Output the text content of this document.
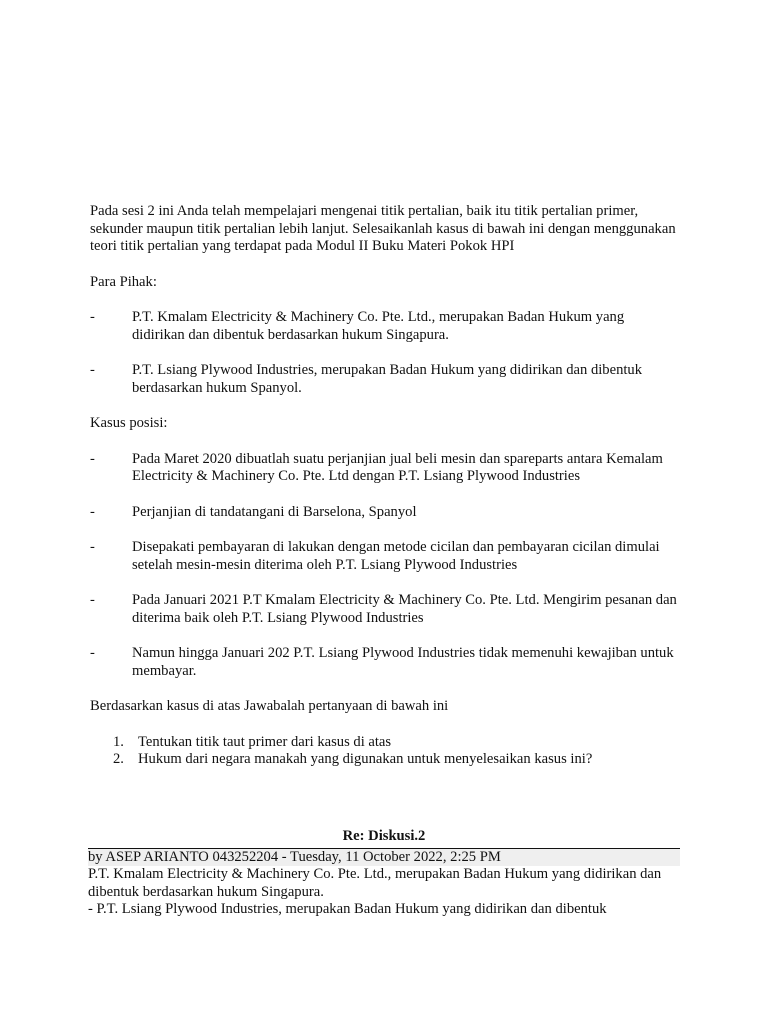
Pada sesi 2 ini Anda telah mempelajari mengenai titik pertalian, baik itu titik pertalian primer, sekunder maupun titik pertalian lebih lanjut. Selesaikanlah kasus di bawah ini dengan menggunakan teori titik pertalian yang terdapat pada Modul II Buku Materi Pokok HPI

Para Pihak:

-	P.T. Kmalam Electricity & Machinery Co. Pte. Ltd., merupakan Badan Hukum yang didirikan dan dibentuk berdasarkan hukum Singapura.

-	P.T. Lsiang Plywood Industries, merupakan Badan Hukum yang didirikan dan dibentuk berdasarkan hukum Spanyol.

Kasus posisi:

-	Pada Maret 2020 dibuatlah suatu perjanjian jual beli mesin dan spareparts antara Kemalam Electricity & Machinery Co. Pte. Ltd dengan P.T. Lsiang Plywood Industries

-	Perjanjian di tandatangani di Barselona, Spanyol

-	Disepakati pembayaran di lakukan dengan metode cicilan dan pembayaran cicilan dimulai setelah mesin-mesin diterima oleh P.T. Lsiang Plywood Industries

-	Pada Januari 2021 P.T Kmalam Electricity & Machinery Co. Pte. Ltd. Mengirim pesanan dan diterima baik oleh P.T. Lsiang Plywood Industries

-	Namun hingga Januari 202 P.T. Lsiang Plywood Industries tidak memenuhi kewajiban untuk membayar.

Berdasarkan kasus di atas Jawabalah pertanyaan di bawah ini

1. Tentukan titik taut primer dari kasus di atas

2. Hukum dari negara manakah yang digunakan untuk menyelesaikan kasus ini?

Re: Diskusi.2
by ASEP ARIANTO 043252204 - Tuesday, 11 October 2022, 2:25 PM

P.T. Kmalam Electricity & Machinery Co. Pte. Ltd., merupakan Badan Hukum yang didirikan dan dibentuk berdasarkan hukum Singapura.

- P.T. Lsiang Plywood Industries, merupakan Badan Hukum yang didirikan dan dibentuk
